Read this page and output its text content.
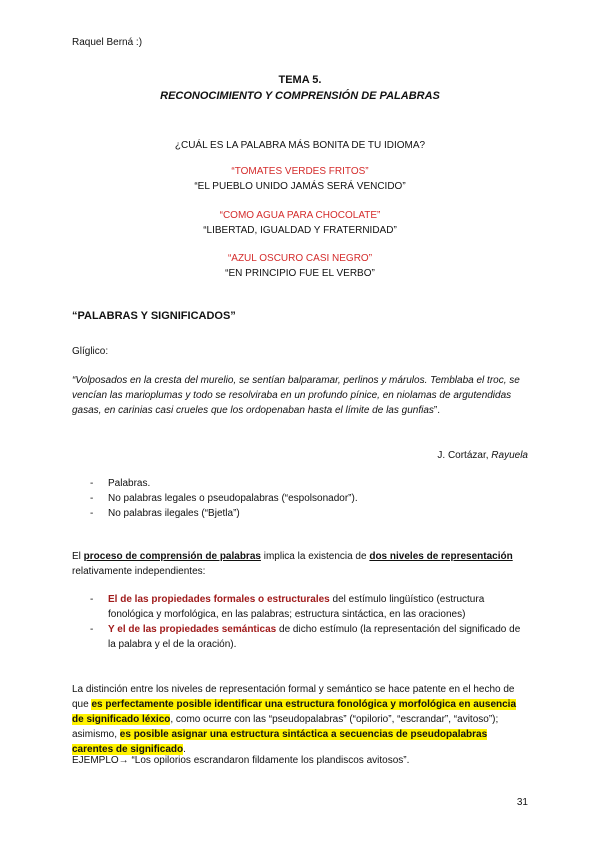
Raquel Berná :)
TEMA 5.
RECONOCIMIENTO Y COMPRENSIÓN DE PALABRAS
¿CUÁL ES LA PALABRA MÁS BONITA DE TU IDIOMA?
“TOMATES VERDES FRITOS”
“EL PUEBLO UNIDO JAMÁS SERÁ VENCIDO”
“COMO AGUA PARA CHOCOLATE”
“LIBERTAD, IGUALDAD Y FRATERNIDAD”
“AZUL OSCURO CASI NEGRO”
“EN PRINCIPIO FUE EL VERBO”
“PALABRAS Y SIGNIFICADOS”
Glíglico:

“Volposados en la cresta del murelio, se sentían balparamar, perlinos y márulos. Temblaba el troc, se vencían las marioplumas y todo se resolviraba en un profundo pínice, en niolamas de argutendidas gasas, en carinias casi crueles que los ordopenaban hasta el límite de las gunfias”.

J. Cortázar, Rayuela
- Palabras.
- No palabras legales o pseudopalabras (“espolsonador”).
- No palabras ilegales (“Bjetla”)

El proceso de comprensión de palabras implica la existencia de dos niveles de representación relativamente independientes:

- El de las propiedades formales o estructurales del estímulo lingüístico (estructura fonológica y morfológica, en las palabras; estructura sintáctica, en las oraciones)
- Y el de las propiedades semánticas de dicho estímulo (la representación del significado de la palabra y el de la oración).

La distinción entre los niveles de representación formal y semántico se hace patente en el hecho de que es perfectamente posible identificar una estructura fonológica y morfológica en ausencia de significado léxico, como ocurre con las “pseudopalabras” (“opilorio”, “escrandar”, “avitoso”); asimismo, es posible asignar una estructura sintáctica a secuencias de pseudopalabras carentes de significado.

EJEMPLO→ “Los opilorios escrandaron fildamente los plandiscos avitosos”.
31
